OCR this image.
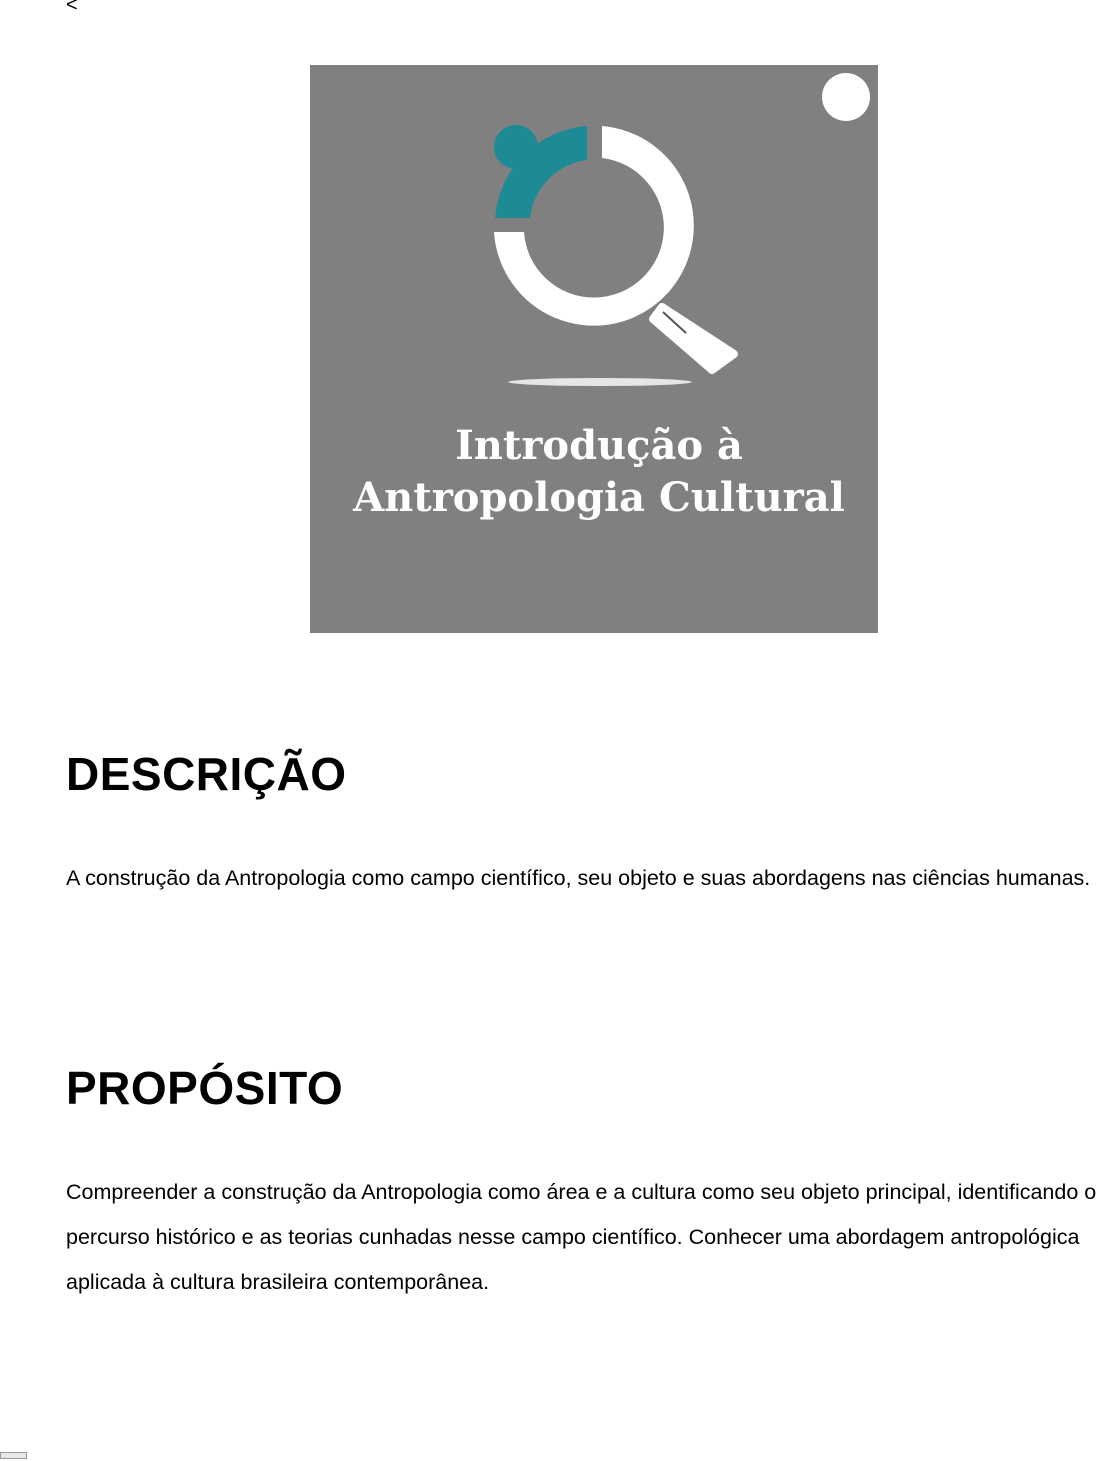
<
Introdução à
Antropologia Cultural
DESCRIÇÃO

A construção da Antropologia como campo científico, seu objeto e suas abordagens nas ciências humanas.

PROPÓSITO

Compreender a construção da Antropologia como área e a cultura como seu objeto principal, identificando o percurso histórico e as teorias cunhadas nesse campo científico. Conhecer uma abordagem antropológica aplicada à cultura brasileira contemporânea.
